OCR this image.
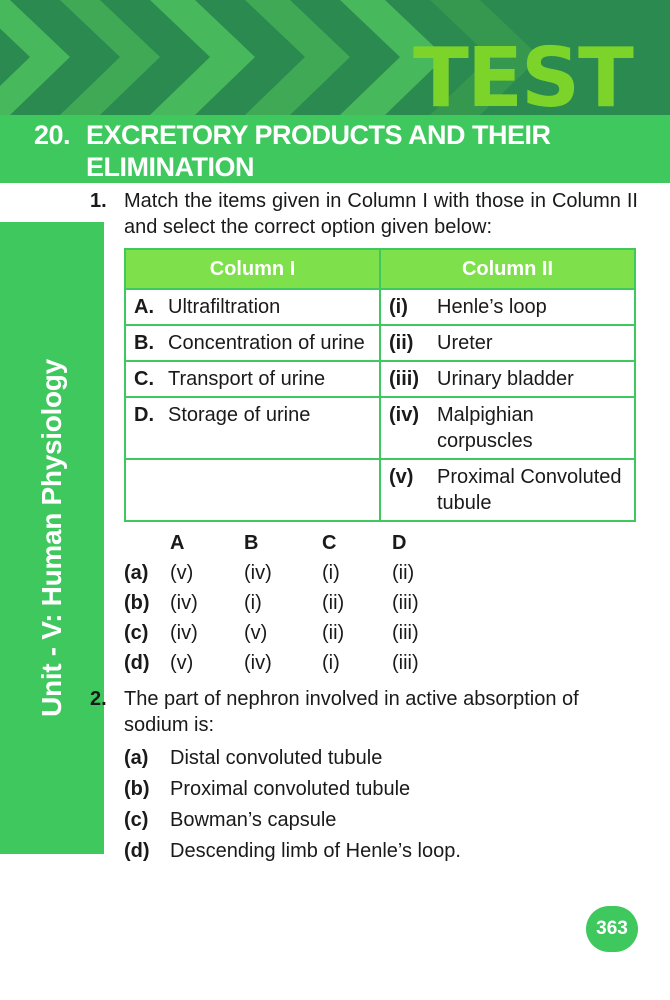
TEST
20. EXCRETORY PRODUCTS AND THEIR
ELIMINATION
Unit - V: Human Physiology
1. Match the items given in Column I with those in Column II and select the correct option given below:
Column I	Column II

A. Ultrafiltration	(i) Henle’s loop

B. Concentration of urine	(ii) Ureter

C. Transport of urine	(iii) Urinary bladder

D. Storage of urine	(iv) Malpighian corpuscles

	(v) Proximal Convoluted tubule
A	B	C	D
(a)	(v)	(iv)	(i)	(ii)
(b)	(iv)	(i)	(ii)	(iii)
(c)	(iv)	(v)	(ii)	(iii)
(d)	(v)	(iv)	(i)	(iii)
2. The part of nephron involved in active absorption of sodium is:
(a)	Distal convoluted tubule
(b)	Proximal convoluted tubule
(c)	Bowman’s capsule
(d)	Descending limb of Henle’s loop.
363
